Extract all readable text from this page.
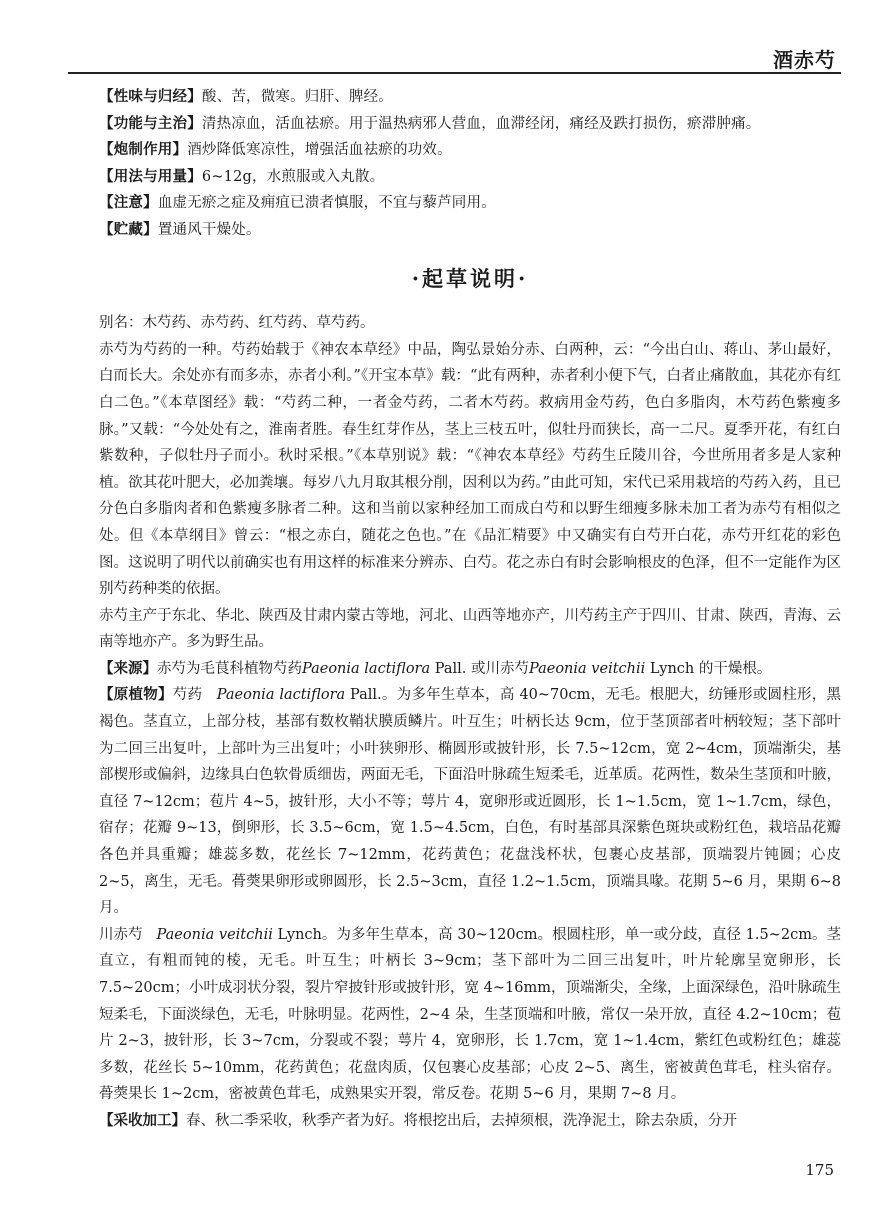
酒赤芍

【性味与归经】酸、苦，微寒。归肝、脾经。

【功能与主治】清热凉血，活血祛瘀。用于温热病邪人营血，血滞经闭，痛经及跌打损伤，瘀滞肿痛。

【炮制作用】酒炒降低寒凉性，增强活血祛瘀的功效。

【用法与用量】6~12g，水煎服或入丸散。

【注意】血虚无瘀之症及痈疽已溃者慎服，不宜与藜芦同用。

【贮藏】置通风干燥处。

·起草说明·

别名：木芍药、赤芍药、红芍药、草芍药。

赤芍为芍药的一种。芍药始载于《神农本草经》中品，陶弘景始分赤、白两种，云：“今出白山、蒋山、茅山最好，白而长大。余处亦有而多赤，赤者小利。”《开宝本草》载：“此有两种，赤者利小便下气，白者止痛散血，其花亦有红白二色。”《本草图经》载：“芍药二种，一者金芍药，二者木芍药。救病用金芍药，色白多脂肉，木芍药色紫瘦多脉。”又载：“今处处有之，淮南者胜。春生红芽作丛，茎上三枝五叶，似牡丹而狭长，高一二尺。夏季开花，有红白紫数种，子似牡丹子而小。秋时采根。”《本草别说》载：“《神农本草经》芍药生丘陵川谷，今世所用者多是人家种植。欲其花叶肥大，必加粪壤。每岁八九月取其根分削，因利以为药。”由此可知，宋代已采用栽培的芍药入药，且已分色白多脂肉者和色紫瘦多脉者二种。这和当前以家种经加工而成白芍和以野生细瘦多脉未加工者为赤芍有相似之处。但《本草纲目》曾云：“根之赤白，随花之色也。”在《品汇精要》中又确实有白芍开白花，赤芍开红花的彩色图。这说明了明代以前确实也有用这样的标准来分辨赤、白芍。花之赤白有时会影响根皮的色泽，但不一定能作为区别芍药种类的依据。

赤芍主产于东北、华北、陕西及甘肃内蒙古等地，河北、山西等地亦产，川芍药主产于四川、甘肃、陕西，青海、云南等地亦产。多为野生品。

【来源】赤芍为毛茛科植物芍药Paeonia lactiflora Pall. 或川赤芍Paeonia veitchii Lynch 的干燥根。

【原植物】芍药 Paeonia lactiflora Pall.。为多年生草本，高 40~70cm，无毛。根肥大，纺锤形或圆柱形，黑褐色。茎直立，上部分枝，基部有数枚鞘状膜质鳞片。叶互生；叶柄长达 9cm，位于茎顶部者叶柄较短；茎下部叶为二回三出复叶，上部叶为三出复叶；小叶狭卵形、椭圆形或披针形，长 7.5~12cm，宽 2~4cm，顶端渐尖，基部楔形或偏斜，边缘具白色软骨质细齿，两面无毛，下面沿叶脉疏生短柔毛，近革质。花两性，数朵生茎顶和叶腋，直径 7~12cm；苞片 4~5，披针形，大小不等；萼片 4，宽卵形或近圆形，长 1~1.5cm，宽 1~1.7cm，绿色，宿存；花瓣 9~13，倒卵形，长 3.5~6cm，宽 1.5~4.5cm，白色，有时基部具深紫色斑块或粉红色，栽培品花瓣各色并具重瓣；雄蕊多数，花丝长 7~12mm，花药黄色；花盘浅杯状，包裹心皮基部，顶端裂片钝圆；心皮 2~5，离生，无毛。蓇葖果卵形或卵圆形，长 2.5~3cm，直径 1.2~1.5cm，顶端具喙。花期 5~6 月，果期 6~8 月。

川赤芍 Paeonia veitchii Lynch。为多年生草本，高 30~120cm。根圆柱形，单一或分歧，直径 1.5~2cm。茎直立，有粗而钝的棱，无毛。叶互生；叶柄长 3~9cm；茎下部叶为二回三出复叶，叶片轮廓呈宽卵形，长 7.5~20cm；小叶成羽状分裂，裂片窄披针形或披针形，宽 4~16mm，顶端渐尖，全缘，上面深绿色，沿叶脉疏生短柔毛，下面淡绿色，无毛，叶脉明显。花两性，2~4 朵，生茎顶端和叶腋，常仅一朵开放，直径 4.2~10cm；苞片 2~3，披针形，长 3~7cm，分裂或不裂；萼片 4，宽卵形，长 1.7cm，宽 1~1.4cm，紫红色或粉红色；雄蕊多数，花丝长 5~10mm，花药黄色；花盘肉质，仅包裹心皮基部；心皮 2~5、离生，密被黄色茸毛，柱头宿存。蓇葖果长 1~2cm，密被黄色茸毛，成熟果实开裂，常反卷。花期 5~6 月，果期 7~8 月。

【采收加工】春、秋二季采收，秋季产者为好。将根挖出后，去掉须根，洗净泥土，除去杂质，分开

175
